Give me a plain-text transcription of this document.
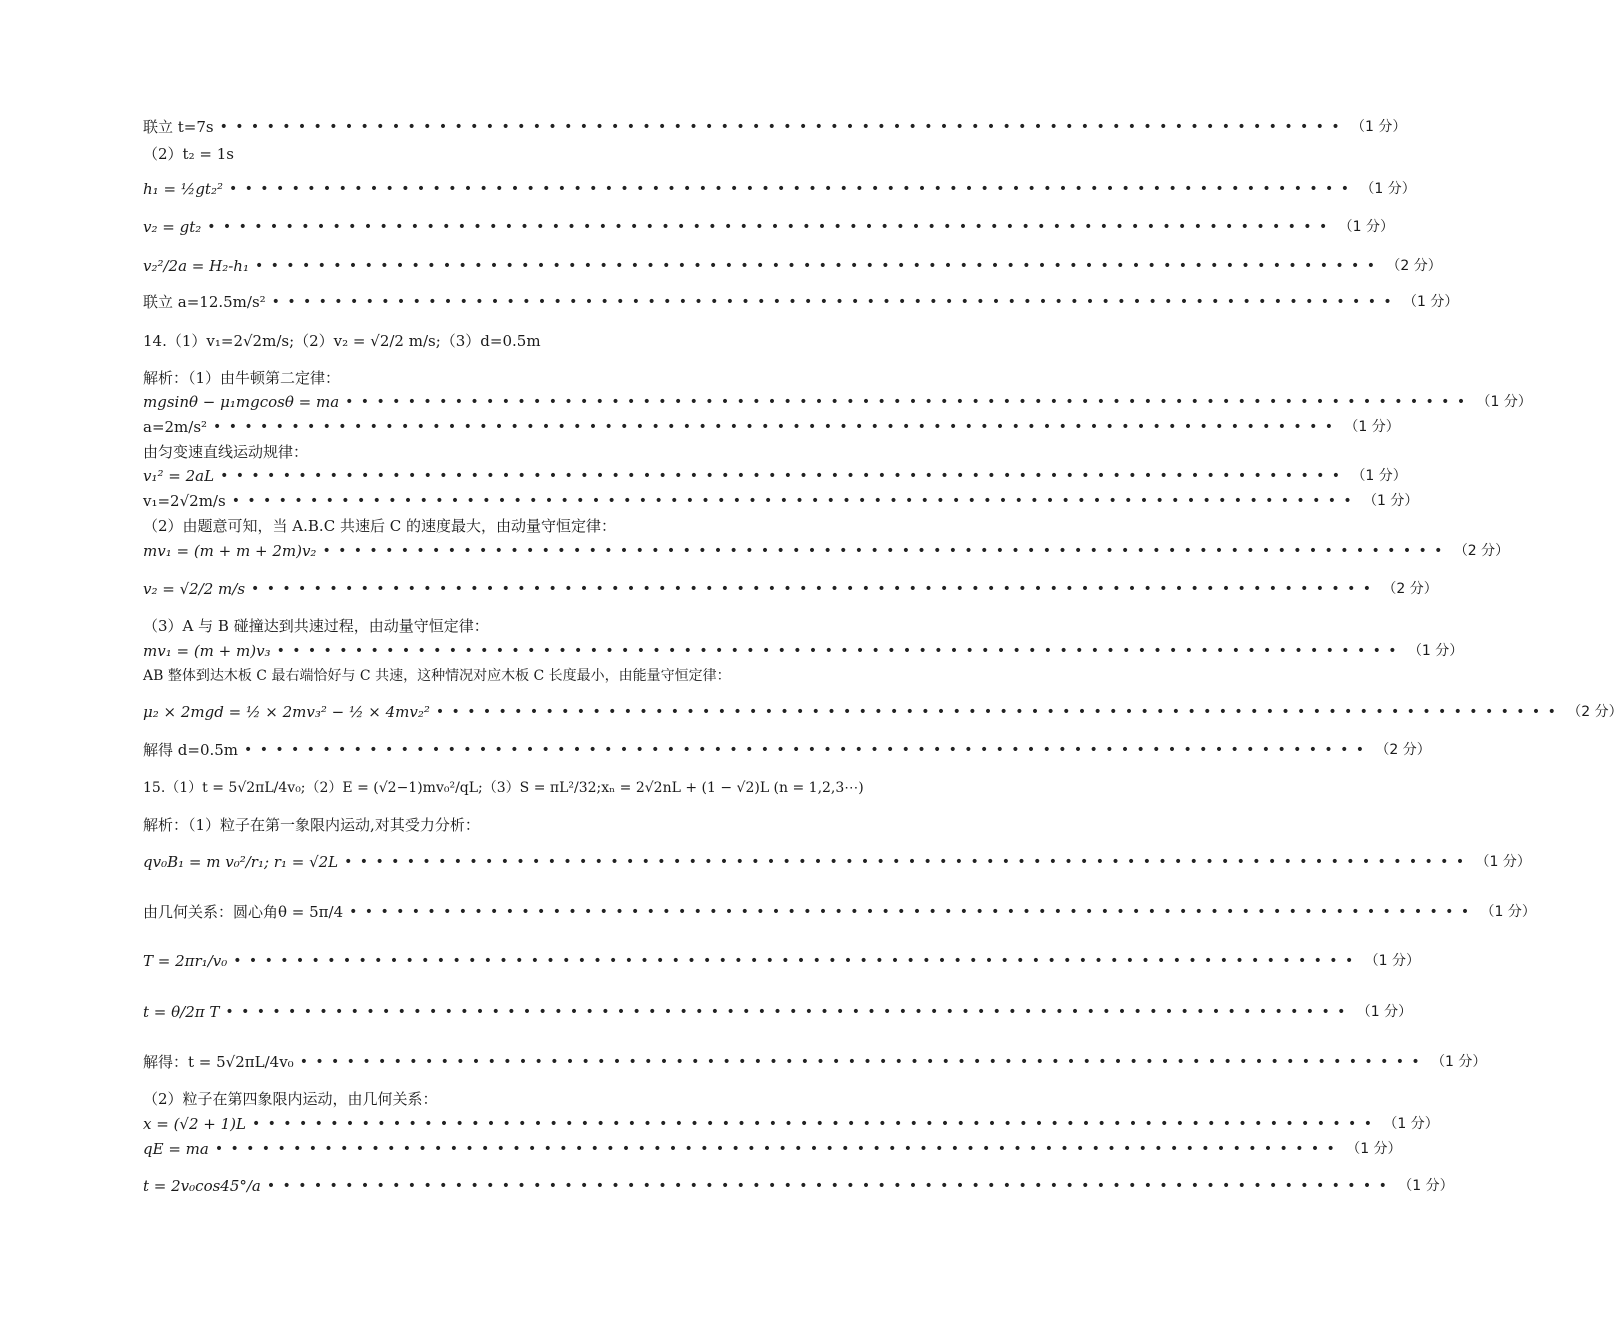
联立 t=7s •••••••••••••••••••••••••••••••••••••••••••••••••••••••••••••••••••••••• （1 分）
（2）t₂ = 1s
h₁ = ½gt₂² •••••••••••••••••••••••••••••••••••••••••••••••••••••••••••••••••••••••• （1 分）
v₂ = gt₂ •••••••••••••••••••••••••••••••••••••••••••••••••••••••••••••••••••••••• （1 分）
v₂²/2a = H₂-h₁ •••••••••••••••••••••••••••••••••••••••••••••••••••••••••••••••••••••••• （2 分）
联立 a=12.5m/s² •••••••••••••••••••••••••••••••••••••••••••••••••••••••••••••••••••••••• （1 分）
14.（1）v₁=2√2m/s;（2）v₂ = √2/2 m/s;（3）d=0.5m
解析：（1）由牛顿第二定律：
mgsinθ − μ₁mgcosθ = ma •••••••••••••••••••••••••••••••••••••••••••••••••••••••••••••••••••••••• （1 分）
a=2m/s² •••••••••••••••••••••••••••••••••••••••••••••••••••••••••••••••••••••••• （1 分）
由匀变速直线运动规律：
v₁² = 2aL •••••••••••••••••••••••••••••••••••••••••••••••••••••••••••••••••••••••• （1 分）
v₁=2√2m/s •••••••••••••••••••••••••••••••••••••••••••••••••••••••••••••••••••••••• （1 分）
（2）由题意可知，当 A.B.C 共速后 C 的速度最大，由动量守恒定律：
mv₁ = (m + m + 2m)v₂ •••••••••••••••••••••••••••••••••••••••••••••••••••••••••••••••••••••••• （2 分）
v₂ = √2/2 m/s •••••••••••••••••••••••••••••••••••••••••••••••••••••••••••••••••••••••• （2 分）
（3）A 与 B 碰撞达到共速过程，由动量守恒定律：
mv₁ = (m + m)v₃ •••••••••••••••••••••••••••••••••••••••••••••••••••••••••••••••••••••••• （1 分）
AB 整体到达木板 C 最右端恰好与 C 共速，这种情况对应木板 C 长度最小，由能量守恒定律：
μ₂ × 2mgd = ½ × 2mv₃² − ½ × 4mv₂² •••••••••••••••••••••••••••••••••••••••••••••••••••••••••••••••••••••••• （2 分）
解得 d=0.5m •••••••••••••••••••••••••••••••••••••••••••••••••••••••••••••••••••••••• （2 分）
15.（1）t = 5√2πL/4v₀;（2）E = (√2−1)mv₀²/qL;（3）S = πL²/32;xₙ = 2√2nL + (1 − √2)L (n = 1,2,3⋯)
解析：（1）粒子在第一象限内运动,对其受力分析：
qv₀B₁ = m v₀²/r₁; r₁ = √2L •••••••••••••••••••••••••••••••••••••••••••••••••••••••••••••••••••••••• （1 分）
由几何关系：圆心角θ = 5π/4 •••••••••••••••••••••••••••••••••••••••••••••••••••••••••••••••••••••••• （1 分）
T = 2πr₁/v₀ •••••••••••••••••••••••••••••••••••••••••••••••••••••••••••••••••••••••• （1 分）
t = θ/2π T •••••••••••••••••••••••••••••••••••••••••••••••••••••••••••••••••••••••• （1 分）
解得：t = 5√2πL/4v₀ •••••••••••••••••••••••••••••••••••••••••••••••••••••••••••••••••••••••• （1 分）
（2）粒子在第四象限内运动，由几何关系：
x = (√2 + 1)L •••••••••••••••••••••••••••••••••••••••••••••••••••••••••••••••••••••••• （1 分）
qE = ma •••••••••••••••••••••••••••••••••••••••••••••••••••••••••••••••••••••••• （1 分）
t = 2v₀cos45°/a •••••••••••••••••••••••••••••••••••••••••••••••••••••••••••••••••••••••• （1 分）
